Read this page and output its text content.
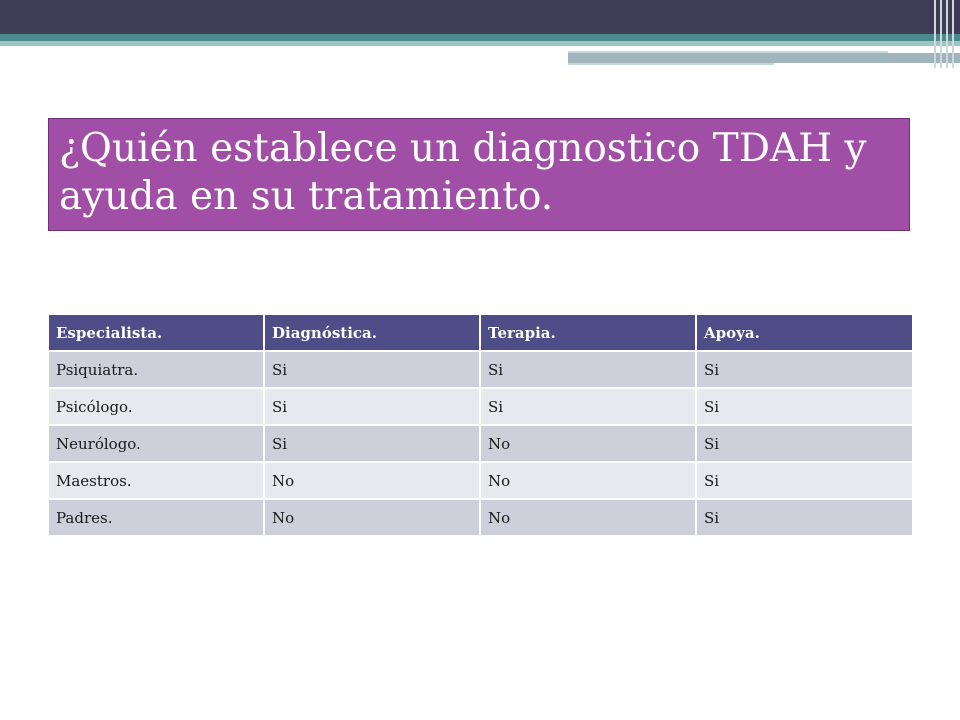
¿Quién establece un diagnostico TDAH y ayuda en su tratamiento.
Especialista.	Diagnóstica.	Terapia.	Apoya.
Psiquiatra.	Si	Si	Si
Psicólogo.	Si	Si	Si
Neurólogo.	Si	No	Si
Maestros.	No	No	Si
Padres.	No	No	Si
